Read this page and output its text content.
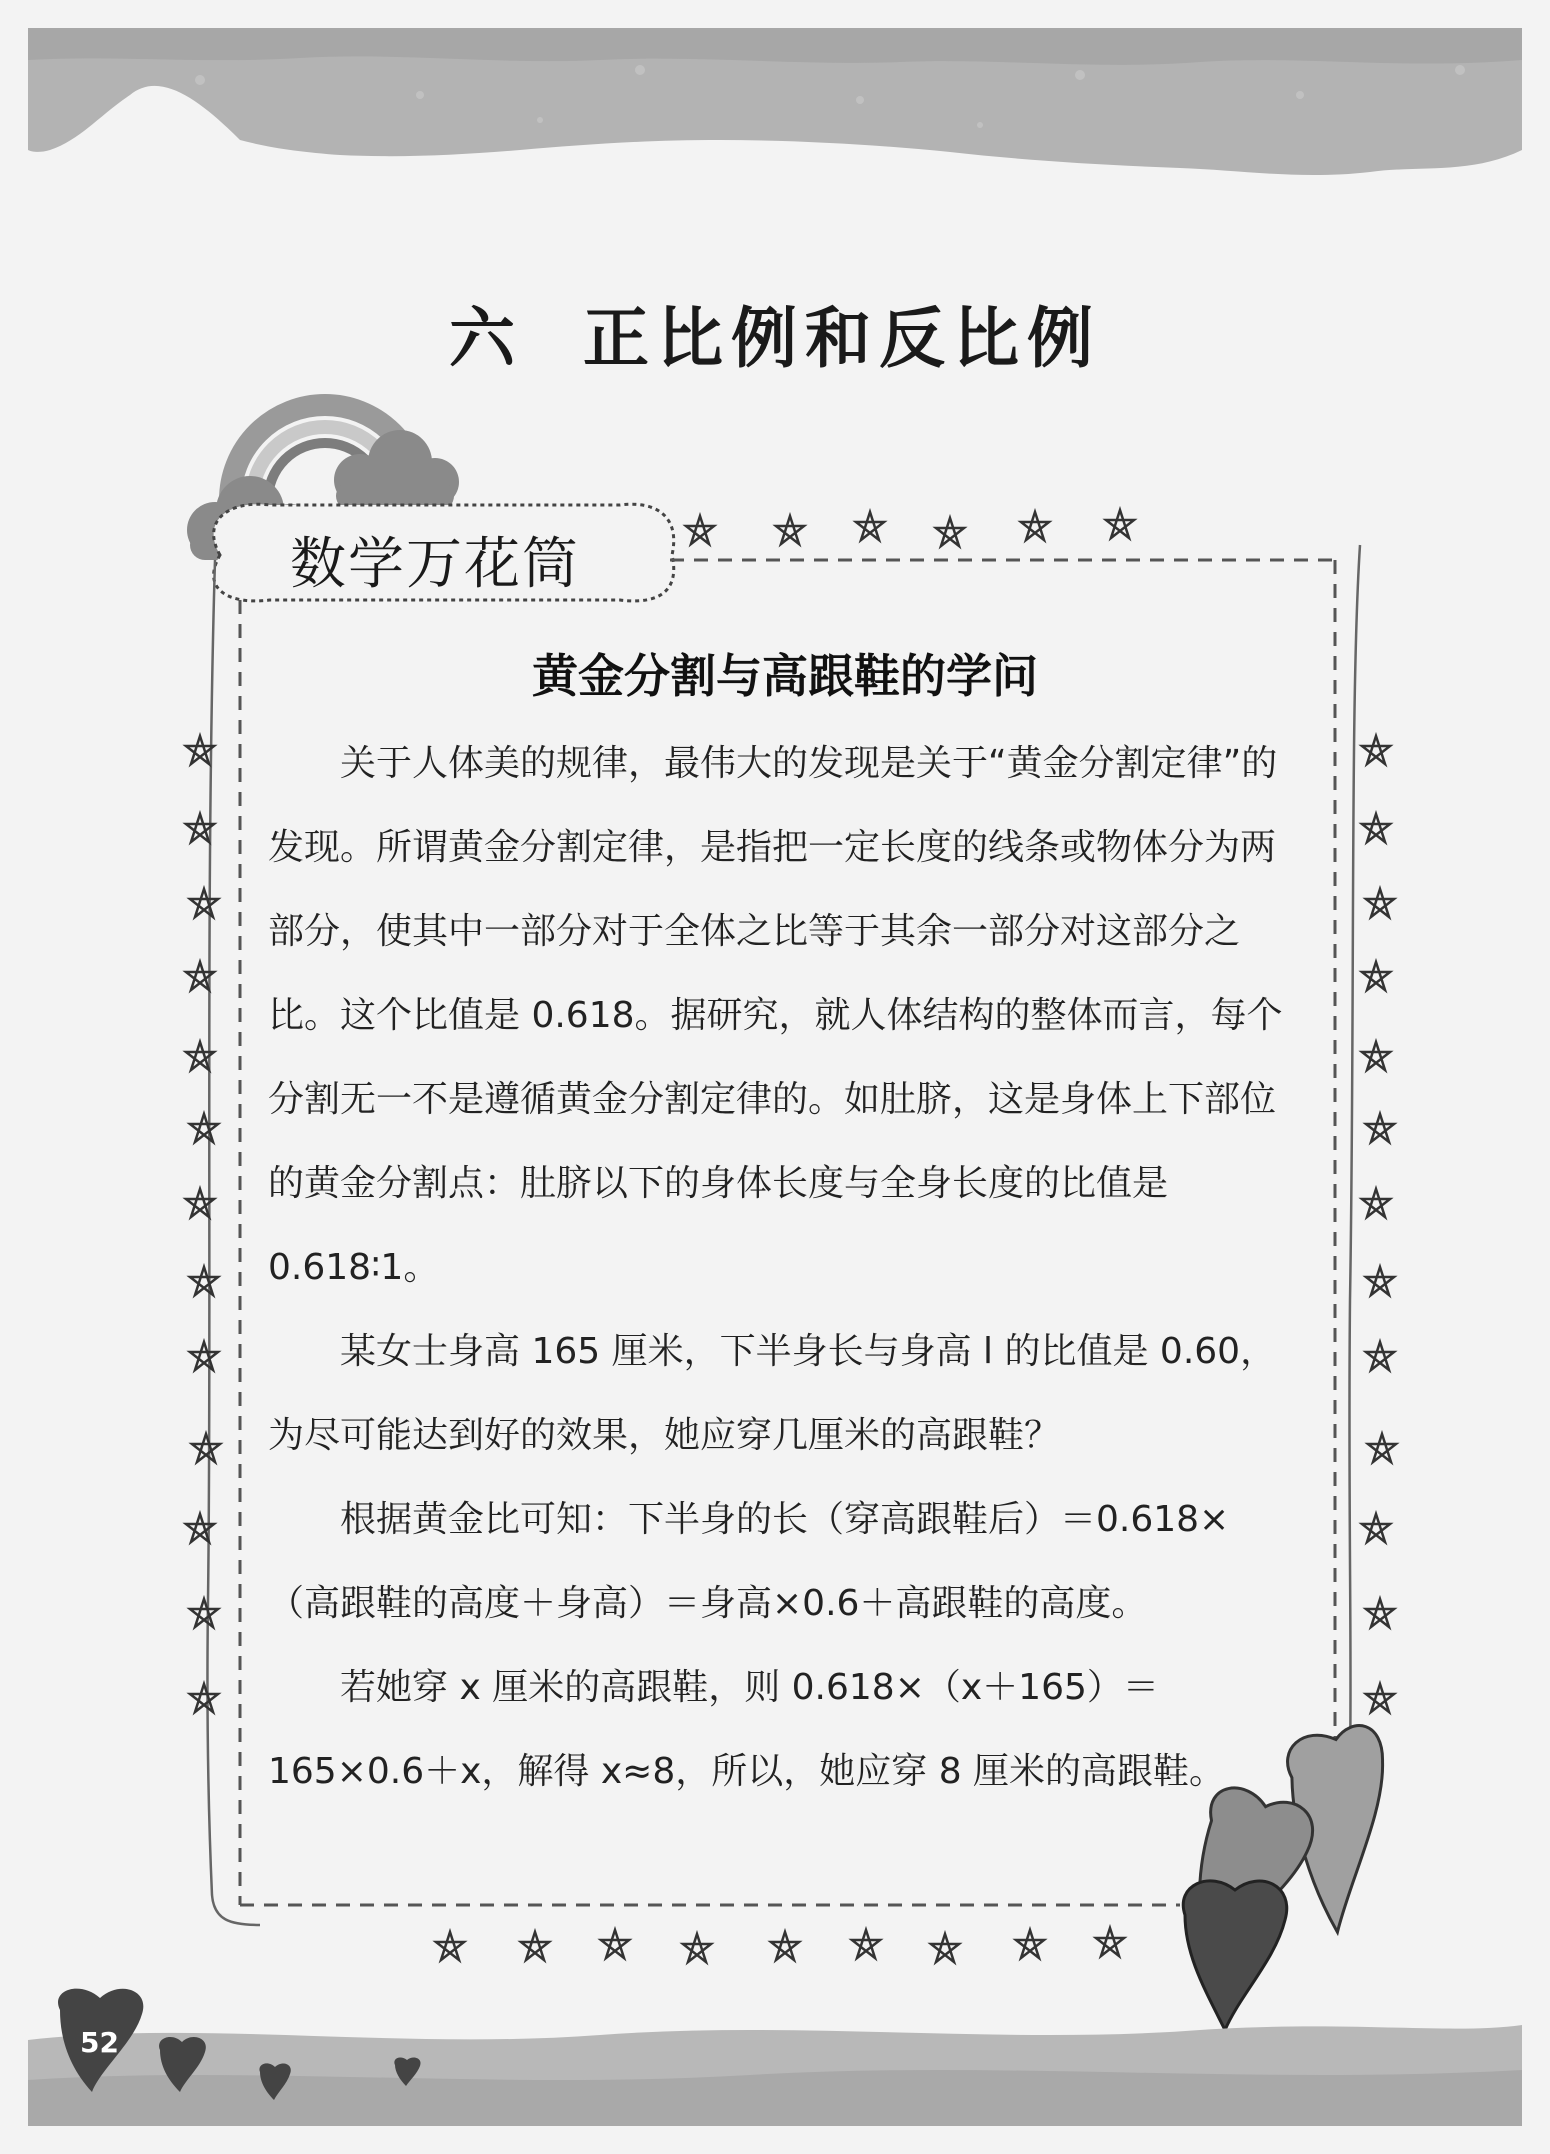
六 正比例和反比例
数学万花筒
黄金分割与高跟鞋的学问

关于人体美的规律，最伟大的发现是关于“黄金分割定律”的发现。所谓黄金分割定律，是指把一定长度的线条或物体分为两部分，使其中一部分对于全体之比等于其余一部分对这部分之比。这个比值是 0.618。据研究，就人体结构的整体而言，每个分割无一不是遵循黄金分割定律的。如肚脐，这是身体上下部位的黄金分割点：肚脐以下的身体长度与全身长度的比值是 0.618∶1。

某女士身高 165 厘米，下半身长与身高 l 的比值是 0.60，为尽可能达到好的效果，她应穿几厘米的高跟鞋？

根据黄金比可知：下半身的长（穿高跟鞋后）＝0.618×（高跟鞋的高度＋身高）＝身高×0.6＋高跟鞋的高度。

若她穿 x 厘米的高跟鞋，则 0.618×（x＋165）＝165×0.6＋x，解得 x≈8，所以，她应穿 8 厘米的高跟鞋。

52
